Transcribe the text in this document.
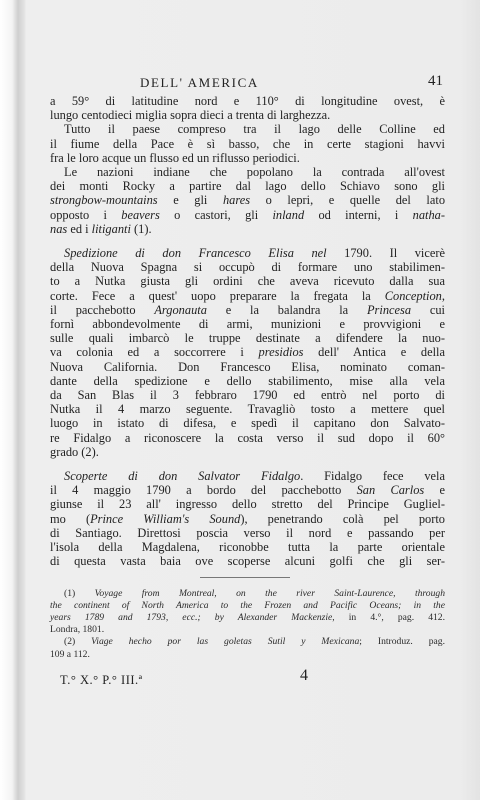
DELL' AMERICA	41

a 59° di latitudine nord e 110° di longitudine ovest, è
lungo centodieci miglia sopra dieci a trenta di larghezza.

Tutto il paese compreso tra il lago delle Colline ed
il fiume della Pace è sì basso, che in certe stagioni havvi
fra le loro acque un flusso ed un riflusso periodici.

Le nazioni indiane che popolano la contrada all'ovest
dei monti Rocky a partire dal lago dello Schiavo sono gli
strongbow-mountains e gli hares o lepri, e quelle del lato
opposto i beavers o castori, gli inland od interni, i natha-
nas ed i litiganti (1).

Spedizione di don Francesco Elisa nel 1790. Il vicerè
della Nuova Spagna si occupò di formare uno stabilimen-
to a Nutka giusta gli ordini che aveva ricevuto dalla sua
corte. Fece a quest' uopo preparare la fregata la Conception,
il pacchebotto Argonauta e la balandra la Princesa cui
fornì abbondevolmente di armi, munizioni e provvigioni e
sulle quali imbarcò le truppe destinate a difendere la nuo-
va colonia ed a soccorrere i presidios dell' Antica e della
Nuova California. Don Francesco Elisa, nominato coman-
dante della spedizione e dello stabilimento, mise alla vela
da San Blas il 3 febbraro 1790 ed entrò nel porto di
Nutka il 4 marzo seguente. Travagliò tosto a mettere quel
luogo in istato di difesa, e spedì il capitano don Salvato-
re Fidalgo a riconoscere la costa verso il sud dopo il 60°
grado (2).

Scoperte di don Salvator Fidalgo. Fidalgo fece vela
il 4 maggio 1790 a bordo del pacchebotto San Carlos e
giunse il 23 all' ingresso dello stretto del Principe Gugliel-
mo (Prince William's Sound), penetrando colà pel porto
di Santiago. Direttosi poscia verso il nord e passando per
l'isola della Magdalena, riconobbe tutta la parte orientale
di questa vasta baia ove scoperse alcuni golfi che gli ser-

(1) Voyage from Montreal, on the river Saint-Laurence, through
the continent of North America to the Frozen and Pacific Oceans; in the
years 1789 and 1793, ecc.; by Alexander Mackenzie, in 4.°, pag. 412.
Londra, 1801.
(2) Viage hecho por las goletas Sutil y Mexicana; Introduz. pag.
109 a 112.
T.° X.° P.° III.ª	4
